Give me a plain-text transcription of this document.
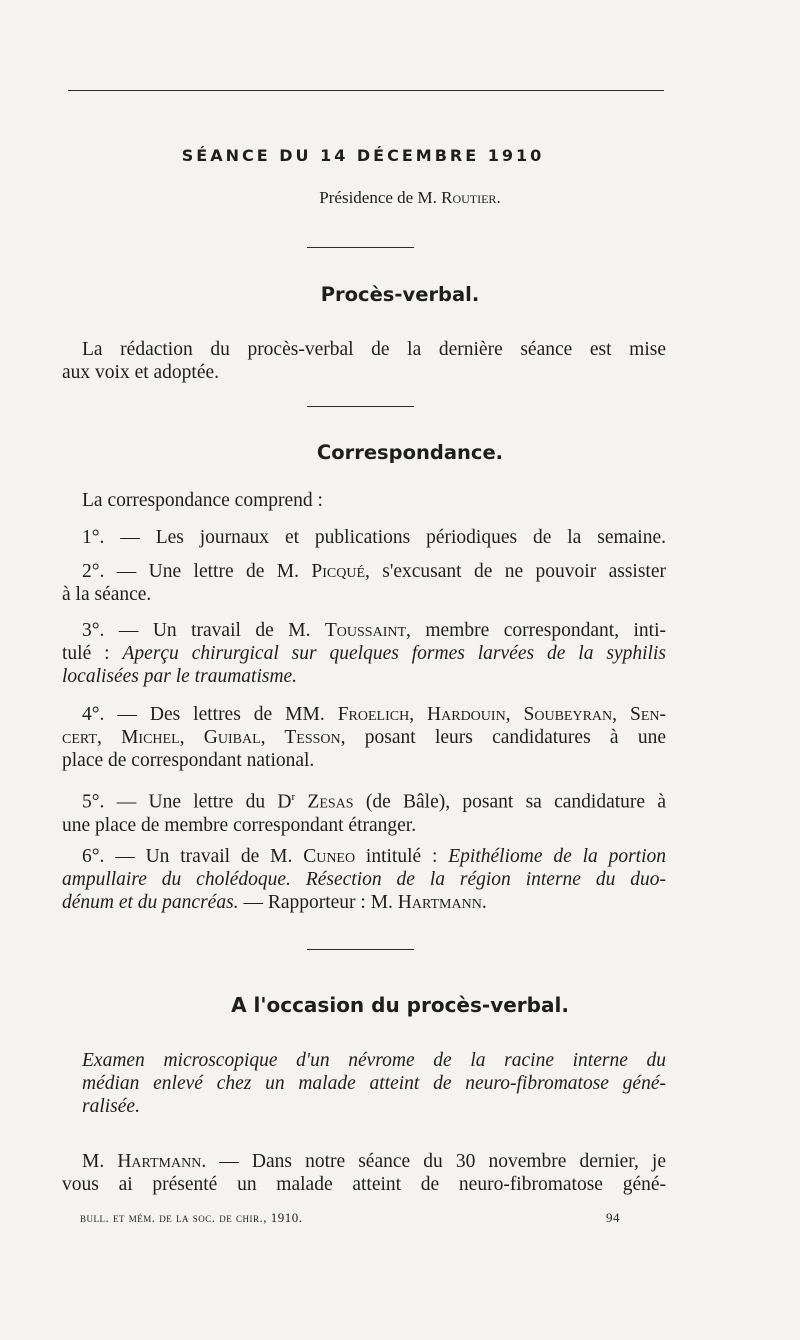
SÉANCE DU 14 DÉCEMBRE 1910
Présidence de M. Routier.
Procès-verbal.
La rédaction du procès-verbal de la dernière séance est mise
aux voix et adoptée.
Correspondance.
La correspondance comprend :
1°. — Les journaux et publications périodiques de la semaine.
2°. — Une lettre de M. Picqué, s'excusant de ne pouvoir assister
à la séance.
3°. — Un travail de M. Toussaint, membre correspondant, inti-
tulé : Aperçu chirurgical sur quelques formes larvées de la syphilis
localisées par le traumatisme.
4°. — Des lettres de MM. Froelich, Hardouin, Soubeyran, Sen-
cert, Michel, Guibal, Tesson, posant leurs candidatures à une
place de correspondant national.
5°. — Une lettre du $D^r$ Zesas (de Bâle), posant sa candidature à
une place de membre correspondant étranger.
6°. — Un travail de M. Cuneo intitulé : Epithéliome de la portion
ampullaire du cholédoque. Résection de la région interne du duo-
dénum et du pancréas. — Rapporteur : M. Hartmann.
A l'occasion du procès-verbal.
Examen microscopique d'un névrome de la racine interne du
médian enlevé chez un malade atteint de neuro-fibromatose géné-
ralisée.
M. Hartmann. — Dans notre séance du 30 novembre dernier, je
vous ai présenté un malade atteint de neuro-fibromatose géné-
bull. et mém. de la soc. de chir., 1910.	94
